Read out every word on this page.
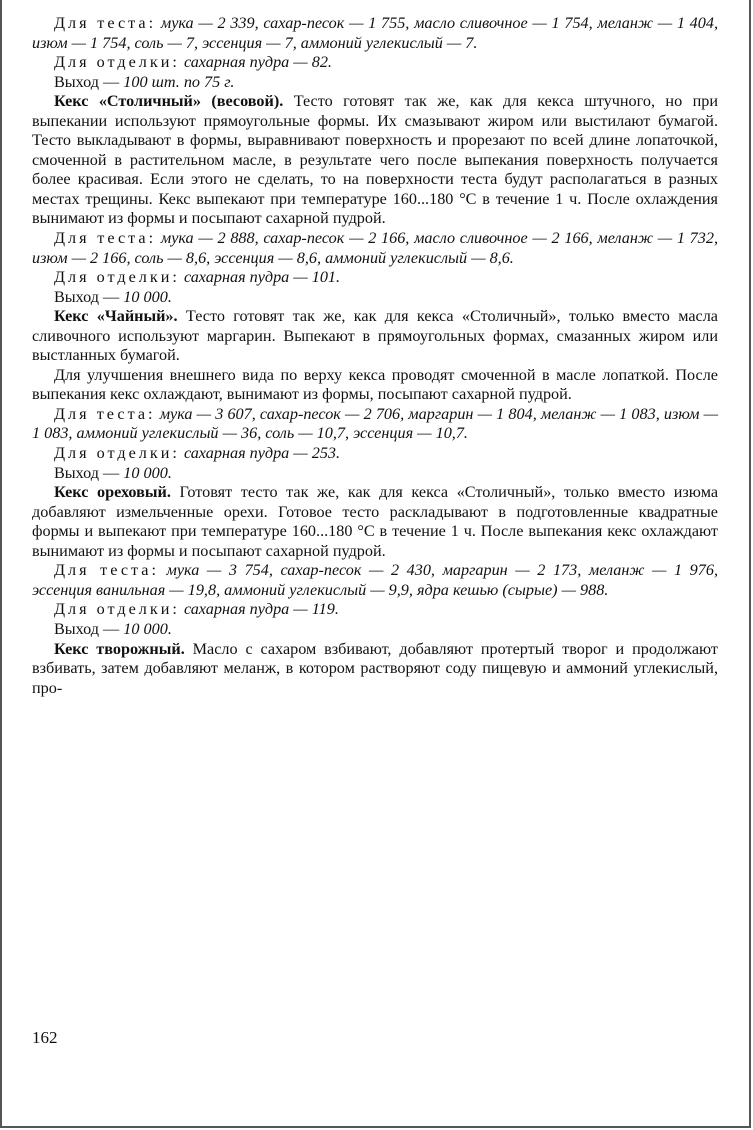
Для теста: мука — 2 339, сахар-песок — 1 755, масло сливочное — 1 754, меланж — 1 404, изюм — 1 754, соль — 7, эссенция — 7, аммоний углекислый — 7.

Для отделки: сахарная пудра — 82.

Выход — 100 шт. по 75 г.

Кекс «Столичный» (весовой). Тесто готовят так же, как для кекса штучного, но при выпекании используют прямоугольные формы. Их смазывают жиром или выстилают бумагой. Тесто выкладывают в формы, выравнивают поверхность и прорезают по всей длине лопаточкой, смоченной в растительном масле, в результате чего после выпекания поверхность получается более красивая. Если этого не сделать, то на поверхности теста будут располагаться в разных местах трещины. Кекс выпекают при температуре 160...180 °С в течение 1 ч. После охлаждения вынимают из формы и посыпают сахарной пудрой.

Для теста: мука — 2 888, сахар-песок — 2 166, масло сливочное — 2 166, меланж — 1 732, изюм — 2 166, соль — 8,6, эссенция — 8,6, аммоний углекислый — 8,6.

Для отделки: сахарная пудра — 101.

Выход — 10 000.

Кекс «Чайный». Тесто готовят так же, как для кекса «Столичный», только вместо масла сливочного используют маргарин. Выпекают в прямоугольных формах, смазанных жиром или выстланных бумагой.

Для улучшения внешнего вида по верху кекса проводят смоченной в масле лопаткой. После выпекания кекс охлаждают, вынимают из формы, посыпают сахарной пудрой.

Для теста: мука — 3 607, сахар-песок — 2 706, маргарин — 1 804, меланж — 1 083, изюм — 1 083, аммоний углекислый — 36, соль — 10,7, эссенция — 10,7.

Для отделки: сахарная пудра — 253.

Выход — 10 000.

Кекс ореховый. Готовят тесто так же, как для кекса «Столичный», только вместо изюма добавляют измельченные орехи. Готовое тесто раскладывают в подготовленные квадратные формы и выпекают при температуре 160...180 °С в течение 1 ч. После выпекания кекс охлаждают вынимают из формы и посыпают сахарной пудрой.

Для теста: мука — 3 754, сахар-песок — 2 430, маргарин — 2 173, меланж — 1 976, эссенция ванильная — 19,8, аммоний углекислый — 9,9, ядра кешью (сырые) — 988.

Для отделки: сахарная пудра — 119.

Выход — 10 000.

Кекс творожный. Масло с сахаром взбивают, добавляют протертый творог и продолжают взбивать, затем добавляют меланж, в котором растворяют соду пищевую и аммоний углекислый, про-

162
